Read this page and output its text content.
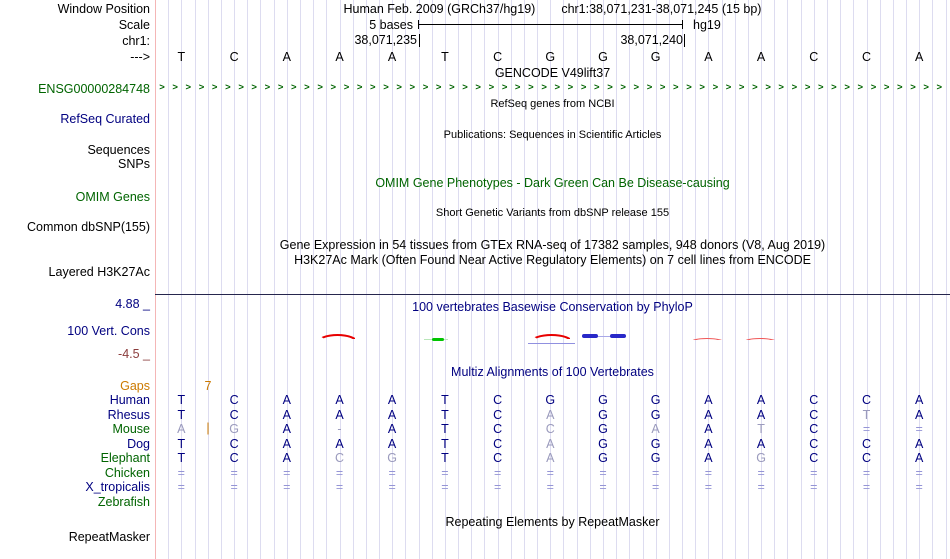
Human Feb. 2009 (GRCh37/hg19) chr1:38,071,231-38,071,245 (15 bp)
Window Position
Scale	5 bases	hg19
chr1:	38,071,235	38,071,240
---> T	C	A	A	A	T	C	G	G	G	A	A	C	C	A
GENCODE V49lift37
ENSG00000284748 > > > > > > > > > > > > > > > > > > > > > > > > > > > > > > > > > > > > > > > > > > > > > > > > > > > > > > > > > > > >
RefSeq genes from NCBI
RefSeq Curated
Publications: Sequences in Scientific Articles
Sequences
SNPs
OMIM Gene Phenotypes - Dark Green Can Be Disease-causing
OMIM Genes
Short Genetic Variants from dbSNP release 155
Common dbSNP(155)
Gene Expression in 54 tissues from GTEx RNA-seq of 17382 samples, 948 donors (V8, Aug 2019)
H3K27Ac Mark (Often Found Near Active Regulatory Elements) on 7 cell lines from ENCODE
Layered H3K27Ac
4.88 _	100 vertebrates Basewise Conservation by PhyloP
100 Vert. Cons
-4.5 _
Multiz Alignments of 100 Vertebrates
Gaps	7
|
Human T	C	A	A	A	T	C	G	G	G	A	A	C	C	A
Rhesus T	C	A	A	A	T	C	A	G	G	A	A	C	T	A
Mouse A	G	A	-	A	T	C	C	G	A	A	T	C	=	=
Dog T	C	A	A	A	T	C	A	G	G	A	A	C	C	A
Elephant T	C	A	C	G	T	C	A	G	G	A	G	C	C	A
Chicken =	=	=	=	=	=	=	=	=	=	=	=	=	=	=
X_tropicalis =	=	=	=	=	=	=	=	=	=	=	=	=	=	=
Zebrafish
Repeating Elements by RepeatMasker
RepeatMasker
